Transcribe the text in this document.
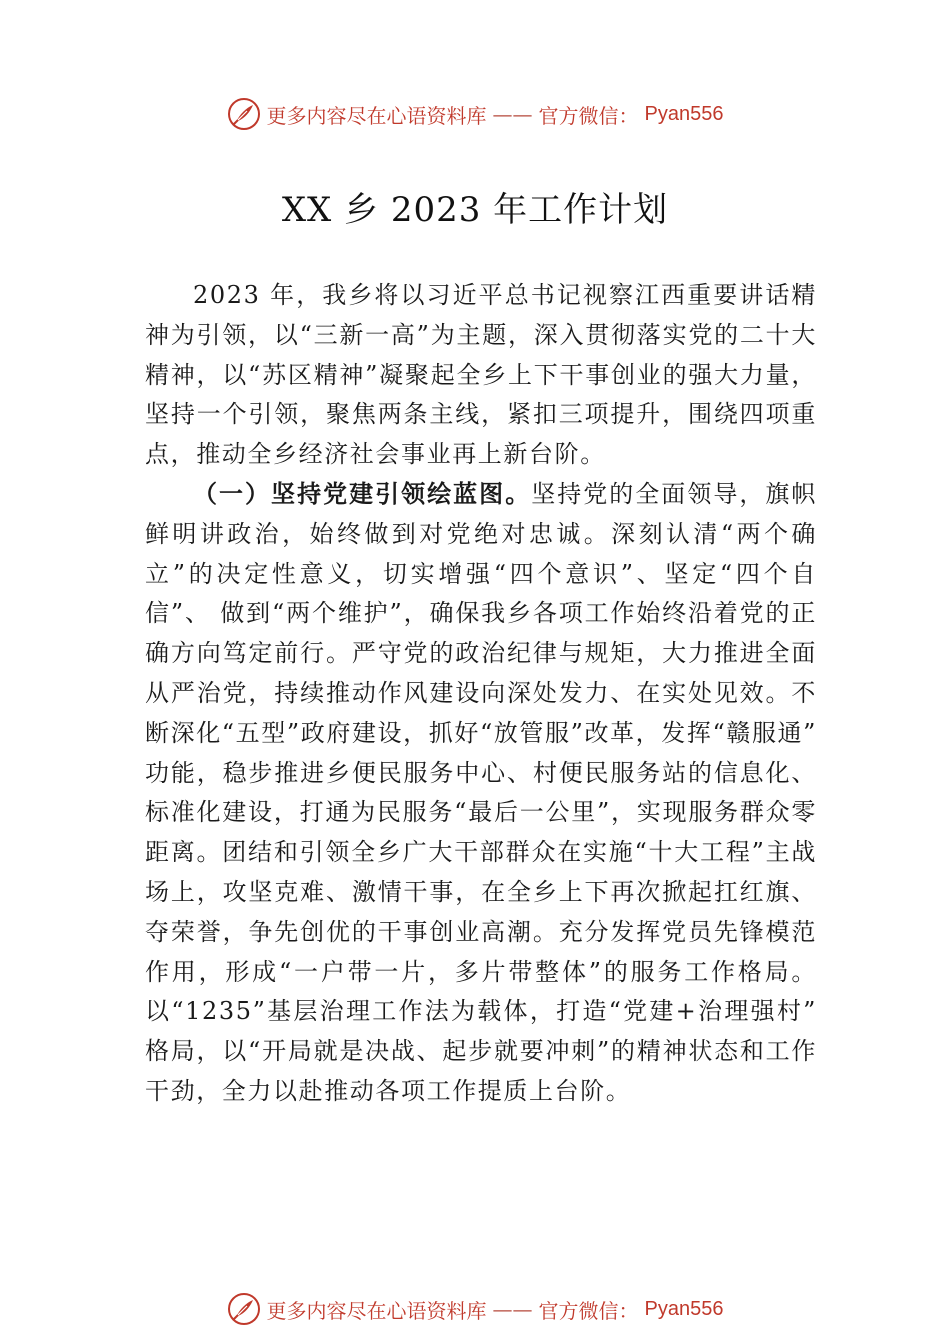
更多内容尽在心语资料库 —— 官方微信： Pyan556
XX 乡 2023 年工作计划

2023 年，我乡将以习近平总书记视察江西重要讲话精神为引领，以“三新一高”为主题，深入贯彻落实党的二十大精神，以“苏区精神”凝聚起全乡上下干事创业的强大力量，坚持一个引领，聚焦两条主线，紧扣三项提升，围绕四项重点，推动全乡经济社会事业再上新台阶。

（一）坚持党建引领绘蓝图。坚持党的全面领导，旗帜鲜明讲政治，始终做到对党绝对忠诚。深刻认清“两个确立”的决定性意义，切实增强“四个意识”、坚定“四个自信”、 做到“两个维护”，确保我乡各项工作始终沿着党的正确方向笃定前行。严守党的政治纪律与规矩，大力推进全面从严治党，持续推动作风建设向深处发力、在实处见效。不断深化“五型”政府建设，抓好“放管服”改革，发挥“赣服通” 功能，稳步推进乡便民服务中心、村便民服务站的信息化、 标准化建设，打通为民服务“最后一公里”，实现服务群众零距离。团结和引领全乡广大干部群众在实施“十大工程”主战场上，攻坚克难、激情干事，在全乡上下再次掀起扛红旗、夺荣誉，争先创优的干事创业高潮。充分发挥党员先锋模范作用，形成“一户带一片，多片带整体”的服务工作格局。 以“1235”基层治理工作法为载体，打造“党建+治理强村” 格局，以“开局就是决战、起步就要冲刺”的精神状态和工作干劲，全力以赴推动各项工作提质上台阶。

更多内容尽在心语资料库 —— 官方微信： Pyan556
